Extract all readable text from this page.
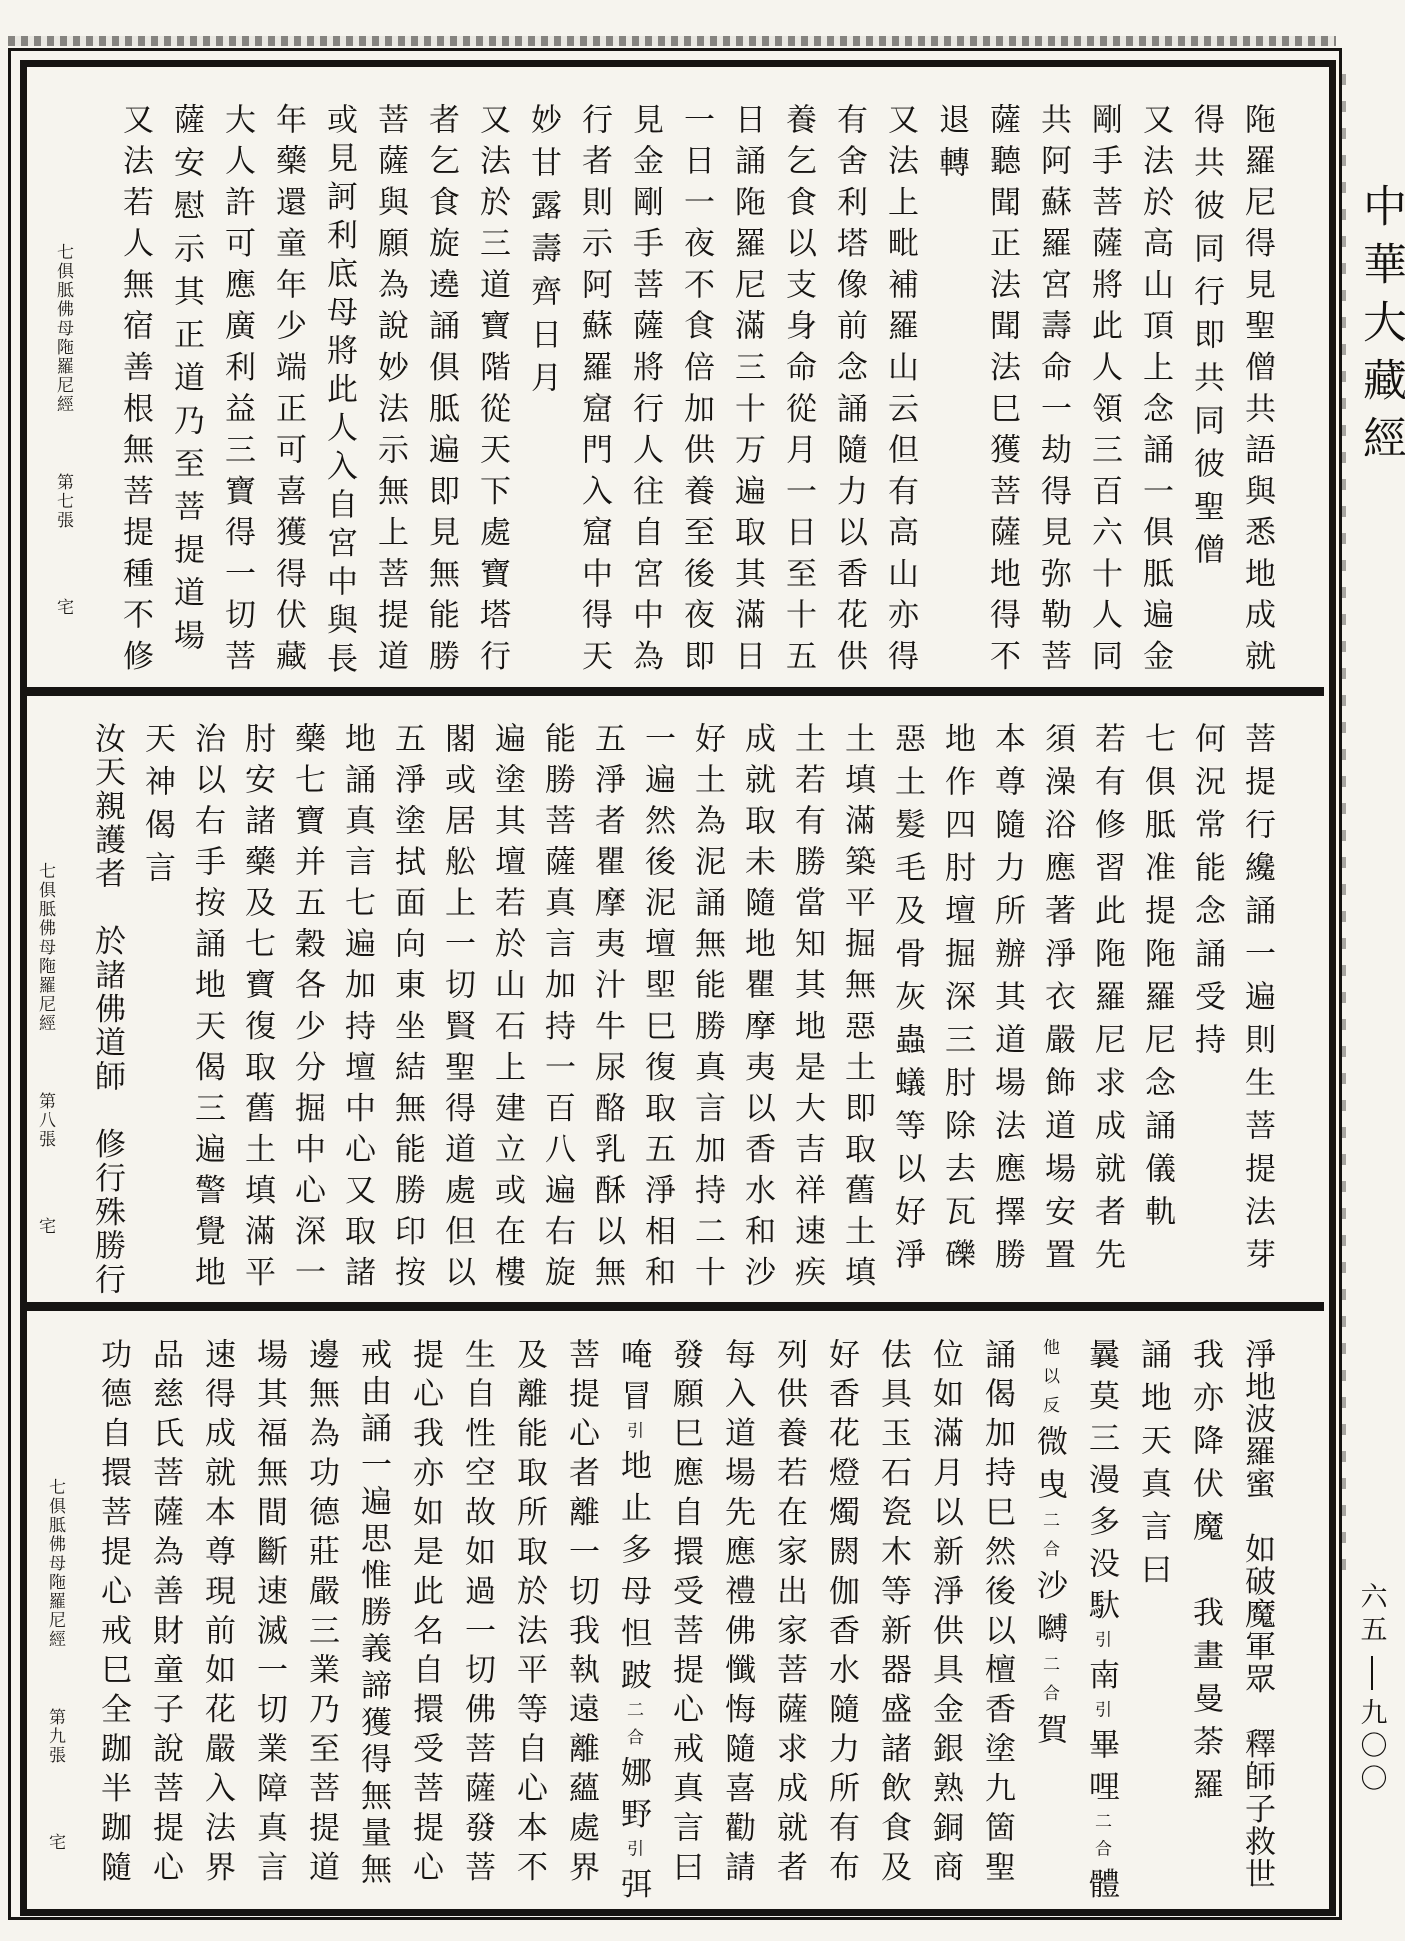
陁羅尼得見聖僧共語與悉地成就
得共彼同行即共同彼聖僧
又法於高山頂上念誦一俱胝遍金
剛手菩薩將此人領三百六十人同
共阿蘇羅宮壽命一劫得見弥勒菩
薩聽聞正法聞法巳獲菩薩地得不
退轉
又法上毗補羅山云但有高山亦得
有舍利塔像前念誦隨力以香花供
養乞食以支身命從月一日至十五
日誦陁羅尼滿三十万遍取其滿日
一日一夜不食倍加供養至後夜即
見金剛手菩薩將行人往自宮中為
行者則示阿蘇羅窟門入窟中得天
妙甘露壽齊日月
又法於三道寶階從天下處寶塔行
者乞食旋遶誦俱胝遍即見無能勝
菩薩與願為說妙法示無上菩提道
或見訶利底母將此人入自宮中與長
年藥還童年少端正可喜獲得伏藏
大人許可應廣利益三寶得一切菩
薩安慰示其正道乃至菩提道場
又法若人無宿善根無菩提種不修
七俱胝佛母陁羅尼經
第七張
宅
菩提行纔誦一遍則生菩提法芽
何況常能念誦受持
七俱胝准提陁羅尼念誦儀軌
若有修習此陁羅尼求成就者先
須澡浴應著淨衣嚴飾道場安置
本尊隨力所辦其道場法應擇勝
地作四肘壇掘深三肘除去瓦礫
惡土髮毛及骨灰蟲蟻等以好淨
土填滿築平掘無惡土即取舊土填
土若有勝當知其地是大吉祥速疾
成就取未隨地瞿摩夷以香水和沙
好土為泥誦無能勝真言加持二十
一遍然後泥壇堲巳復取五淨相和
五淨者瞿摩夷汁牛尿酪乳酥以無
能勝菩薩真言加持一百八遍右旋
遍塗其壇若於山石上建立或在樓
閣或居舩上一切賢聖得道處但以
五淨塗拭面向東坐結無能勝印按
地誦真言七遍加持壇中心又取諸
藥七寶并五穀各少分掘中心深一
肘安諸藥及七寶復取舊土填滿平
治以右手按誦地天偈三遍警覺地
天神偈言
汝天親護者　於諸佛道師　修行殊勝行
七俱胝佛母陁羅尼經
第八張
宅
淨地波羅蜜　如破魔軍眾　釋師子救世
我亦降伏魔　我畫曼荼羅
誦地天真言曰
曩莫三漫多没馱引南引畢哩二合體
他以反微曳二合沙嚩二合賀
誦偈加持巳然後以檀香塗九箇聖
位如滿月以新淨供具金銀熟銅商
佉具玉石瓷木等新器盛諸飲食及
好香花燈燭閼伽香水隨力所有布
列供養若在家出家菩薩求成就者
每入道場先應禮佛懺悔隨喜勸請
發願巳應自擐受菩提心戒真言曰
唵冒引地止多母怛跛二合娜野引弭
菩提心者離一切我執遠離蘊處界
及離能取所取於法平等自心本不
生自性空故如過一切佛菩薩發菩
提心我亦如是此名自擐受菩提心
戒由誦一遍思惟勝義諦獲得無量無
邊無為功德莊嚴三業乃至菩提道
場其福無間斷速滅一切業障真言
速得成就本尊現前如花嚴入法界
品慈氏菩薩為善財童子說菩提心
功德自擐菩提心戒巳全跏半跏隨
七俱胝佛母陁羅尼經
第九張
宅
中華大藏經
六五
九〇〇
